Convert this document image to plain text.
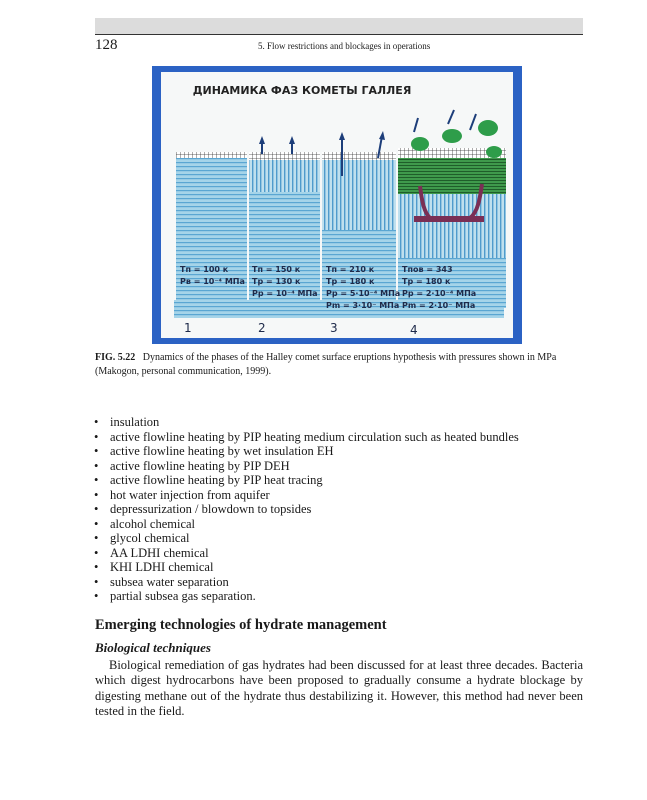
128	5. Flow restrictions and blockages in operations
ДИНАМИКА ФАЗ КОМЕТЫ ГАЛЛЕЯ
Tп = 100 к
Pв = 10⁻⁴ МПа
Tп = 150 к
Tр = 130 к
Pр = 10⁻⁴ МПа
Tп = 210 к
Tр = 180 к
Pр = 5·10⁻⁴ МПа
Pm = 3·10⁻ МПа
Tпов = 343
Tр = 180 к
Pр = 2·10⁻⁴ МПа
Pm = 2·10⁻ МПа
1	2	3	4
FIG. 5.22 Dynamics of the phases of the Halley comet surface eruptions hypothesis with pressures shown in MPa (Makogon, personal communication, 1999).
• insulation
• active flowline heating by PIP heating medium circulation such as heated bundles
• active flowline heating by wet insulation EH
• active flowline heating by PIP DEH
• active flowline heating by PIP heat tracing
• hot water injection from aquifer
• depressurization / blowdown to topsides
• alcohol chemical
• glycol chemical
• AA LDHI chemical
• KHI LDHI chemical
• subsea water separation
• partial subsea gas separation.
Emerging technologies of hydrate management
Biological techniques

Biological remediation of gas hydrates had been discussed for at least three decades. Bacteria which digest hydrocarbons have been proposed to gradually consume a hydrate blockage by digesting methane out of the hydrate thus destabilizing it. However, this method had never been tested in the field.
